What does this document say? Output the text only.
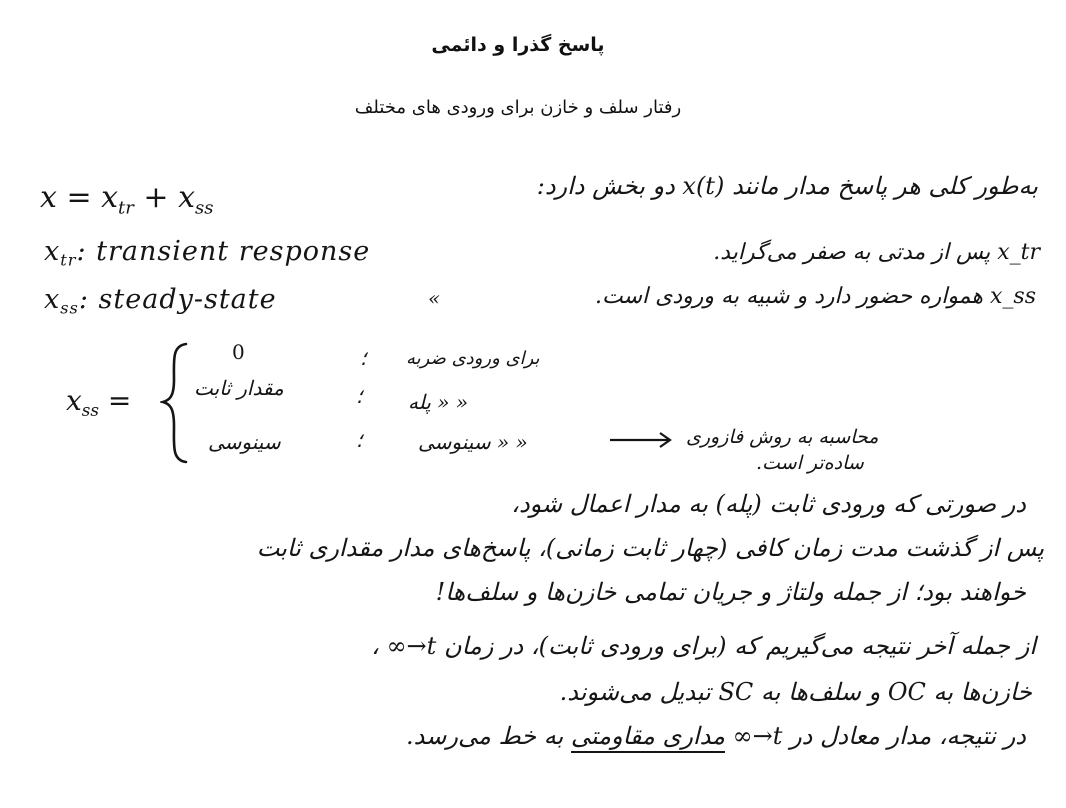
پاسخ گذرا و دائمی
رفتار سلف و خازن برای ورودی های مختلف
به‌طور کلی هر پاسخ مدار مانند x(t) دو بخش دارد:
$x = x_{tr} + x_{ss}$
$x_{tr}$: transient response	x_tr پس از مدتی به صفر می‌گراید.
$x_{ss}$: steady-state	«	x_ss همواره حضور دارد و شبیه به ورودی است.
$x_{ss}$ =
0	؛ برای ورودی ضربه
مقدار ثابت	؛ « « پله
سینوسی	؛	« « سینوسی	محاسبه به روش فازوری
ساده‌تر است.
در صورتی که ورودی ثابت (پله) به مدار اعمال شود،
پس از گذشت مدت زمان کافی (چهار ثابت زمانی)، پاسخ‌های مدار مقداری ثابت
خواهند بود؛ از جمله ولتاژ و جریان تمامی خازن‌ها و سلف‌ها!
از جمله آخر نتیجه می‌گیریم که (برای ورودی ثابت)، در زمان t→∞ ،
خازن‌ها به OC و سلف‌ها به SC تبدیل می‌شوند.
در نتیجه، مدار معادل در t→∞ مداری مقاومتی به خط می‌رسد.
